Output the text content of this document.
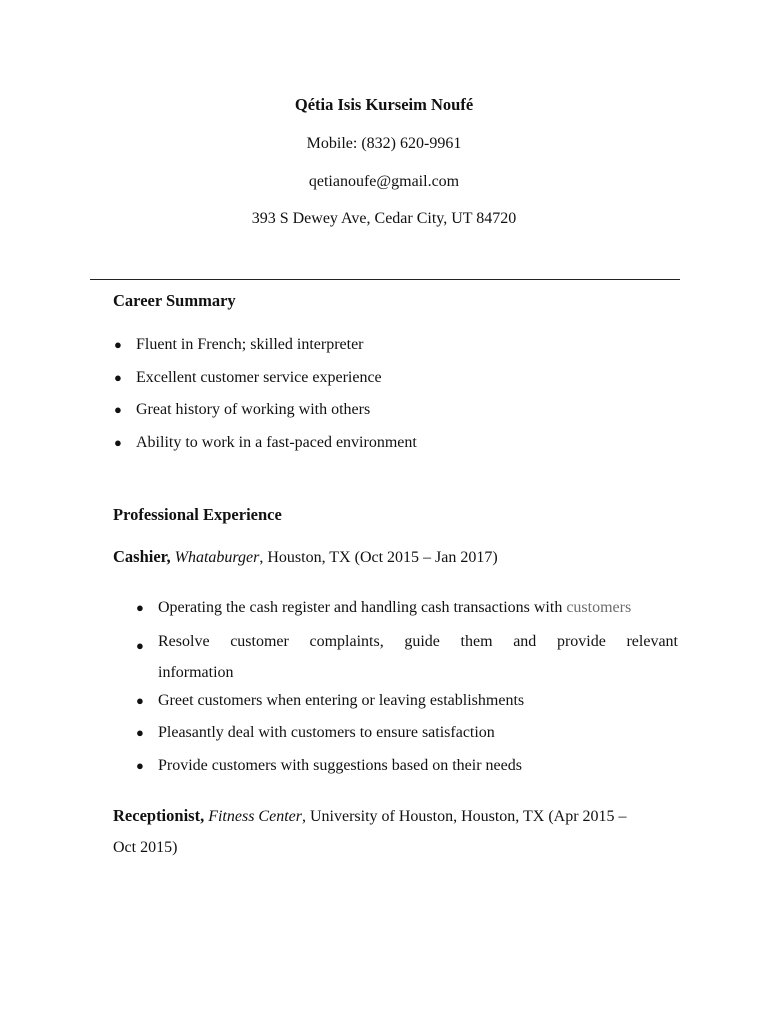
Qétia Isis Kurseim Noufé
Mobile: (832) 620-9961
qetianoufe@gmail.com
393 S Dewey Ave, Cedar City, UT 84720
Career Summary
● Fluent in French; skilled interpreter
● Excellent customer service experience
● Great history of working with others
● Ability to work in a fast-paced environment
Professional Experience
Cashier, Whataburger, Houston, TX (Oct 2015 – Jan 2017)
● Operating the cash register and handling cash transactions with customers
● Resolve customer complaints, guide them and provide relevant
information
● Greet customers when entering or leaving establishments
● Pleasantly deal with customers to ensure satisfaction
● Provide customers with suggestions based on their needs
Receptionist, Fitness Center, University of Houston, Houston, TX (Apr 2015 –
Oct 2015)
